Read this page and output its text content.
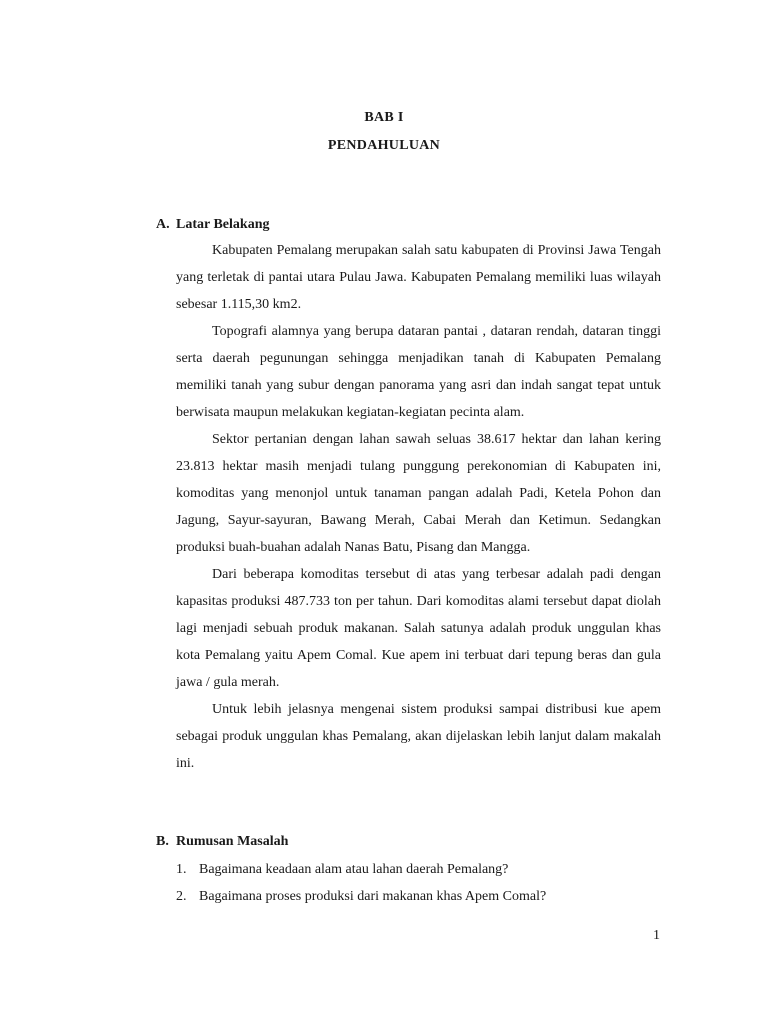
BAB I
PENDAHULUAN
A. Latar Belakang

Kabupaten Pemalang merupakan salah satu kabupaten di Provinsi Jawa Tengah yang terletak di pantai utara Pulau Jawa. Kabupaten Pemalang memiliki luas wilayah sebesar 1.115,30 km2.

Topografi alamnya yang berupa dataran pantai , dataran rendah, dataran tinggi serta daerah pegunungan sehingga menjadikan tanah di Kabupaten Pemalang memiliki tanah yang subur dengan panorama yang asri dan indah sangat tepat untuk berwisata maupun melakukan kegiatan-kegiatan pecinta alam.

Sektor pertanian dengan lahan sawah seluas 38.617 hektar dan lahan kering 23.813 hektar masih menjadi tulang punggung perekonomian di Kabupaten ini, komoditas yang menonjol untuk tanaman pangan adalah Padi, Ketela Pohon dan Jagung, Sayur-sayuran, Bawang Merah, Cabai Merah dan Ketimun. Sedangkan produksi buah-buahan adalah Nanas Batu, Pisang dan Mangga.

Dari beberapa komoditas tersebut di atas yang terbesar adalah padi dengan kapasitas produksi 487.733 ton per tahun. Dari komoditas alami tersebut dapat diolah lagi menjadi sebuah produk makanan. Salah satunya adalah produk unggulan khas kota Pemalang yaitu Apem Comal. Kue apem ini terbuat dari tepung beras dan gula jawa / gula merah.

Untuk lebih jelasnya mengenai sistem produksi sampai distribusi kue apem sebagai produk unggulan khas Pemalang, akan dijelaskan lebih lanjut dalam makalah ini.

B. Rumusan Masalah
1. Bagaimana keadaan alam atau lahan daerah Pemalang?
2. Bagaimana proses produksi dari makanan khas Apem Comal?
1
